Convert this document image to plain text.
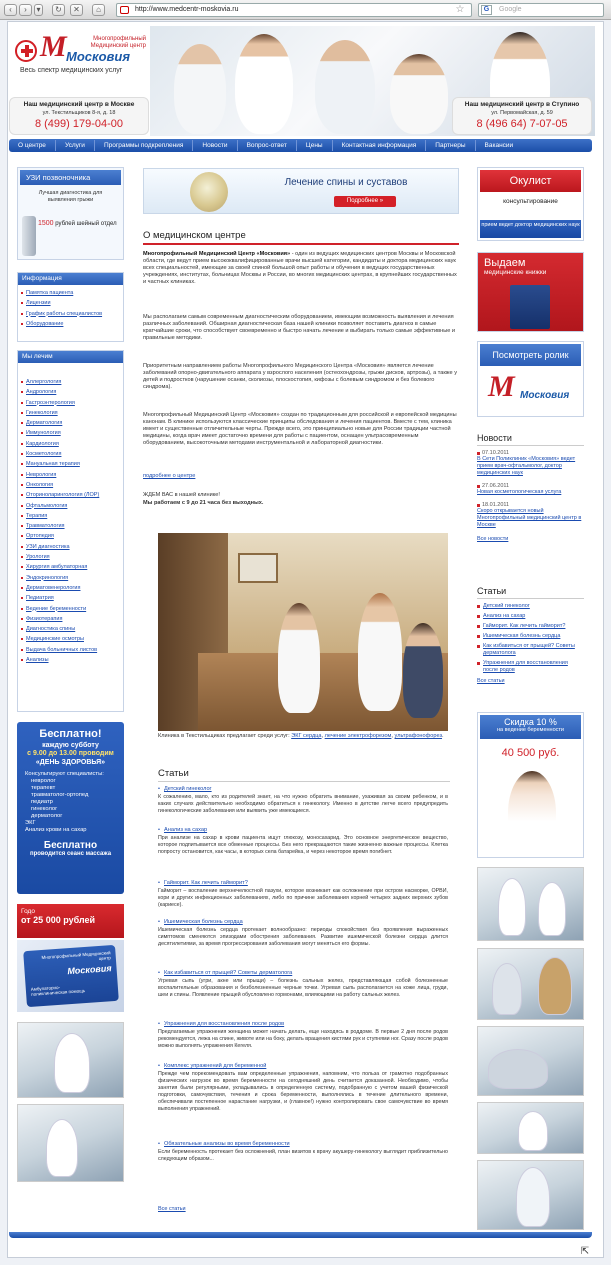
‹	›	▾	↻	✕	⌂	http://www.medcentr-moskovia.ru	☆	Google
G
M	Многопрофильный Медицинский центр
Московия
Весь спектр медицинских услуг
Наш медицинский центр в Москве
ул. Текстильщиков 8-я, д. 18
8 (499) 179-04-00
Наш медицинский центр в Ступино
ул. Первомайская, д. 59
8 (496 64) 7-07-05
О центре	Услуги	Программы подкрепления	Новости	Вопрос-ответ	Цены	Контактная информация	Партнеры	Вакансии
УЗИ позвоночника
Лучшая диагностика для выявления грыжи
1500 рублей шейный отдел
Информация
Памятка пациента
Лицензии
График работы специалистов
Оборудование
Мы лечим
Аллергология
Андрология
Гастроэнтерология
Гинекология
Дерматология
Иммунология
Кардиология
Косметология
Мануальная терапия
Неврология
Онкология
Оториноларингология (ЛОР)
Офтальмология
Терапия
Травматология
Ортопедия
УЗИ диагностика
Урология
Хирургия амбулаторная
Эндокринология
Дерматовенерология
Педиатрия
Ведение беременности
Физиотерапия
Диагностика спины
Медицинские осмотры
Выдача больничных листов
Анализы
Бесплатно!
каждую субботу
с 9.00 до 13.00 проводим
«ДЕНЬ ЗДОРОВЬЯ»
Консультируют специалисты:
невролог
терапевт
травматолог-ортопед
педиатр
гинеколог
дерматолог
ЭКГ
Анализ крови на сахар
Бесплатно
проводится сеанс массажа
Годо
от 25 000 рублей
Многопрофильный Медицинский центр
Московия
Амбулаторно-поликлиническая помощь
Лечение спины и суставов
Подробнее »
О медицинском центре
Многопрофильный Медицинский Центр «Московия» - один из ведущих медицинских центров Москвы и Московской области, где ведут прием высококвалифицированные врачи высшей категории, кандидаты и доктора медицинских наук всех специальностей, имеющие за своей спиной большой опыт работы и обучения в ведущих государственных учреждениях, институтах, больницах Москвы и России, во многих медицинских центрах, в крупнейших государственных и частных клиниках.
Мы располагаем самым современным диагностическим оборудованием, имеющим возможность выявления и лечения различных заболеваний. Обширная диагностическая база нашей клиники позволяет поставить диагноз в самые кратчайшие сроки, что способствует своевременно и быстро начать лечение и выбирать только самые эффективные и правильные методики.
Приоритетным направлением работы Многопрофильного Медицинского Центра «Московия» является лечение заболеваний опорно-двигательного аппарата у взрослого населения (остеохондрозы, грыжи дисков, артрозы), а также у детей и подростков (нарушение осанки, сколиозы, плоскостопия, кифозы с болевым синдромом и без болевого синдрома).
Многопрофильный Медицинский Центр «Московия» создан по традиционным для российской и европейской медицины канонам. В клинике используются классические принципы обследования и лечения пациентов. Вместе с тем, клиника имеет и существенные отличительные черты. Прежде всего, это принципиально новые для России традиции частной медицины, когда врач имеет достаточно времени для работы с пациентом, оснащен ультрасовременным оборудованием, высокоточными методами инструментальной и лабораторной диагностики.
подробнее о центре
ЖДЕМ ВАС в нашей клинике!
Мы работаем с 9 до 21 часа без выходных.
Клиника в Текстильщиках предлагает среди услуг: ЭКГ сердца, лечение электрофорезом, ультрафонофорез.
Статьи
• Детский гинеколог
К сожалению, мало, кто из родителей знает, на что нужно обратить внимание, ухаживая за своим ребенком, и в каких случаях действительно необходимо обратиться к гинекологу. Именно в детстве легче всего предупредить гинекологические заболевания или выявить уже имеющиеся.
• Анализ на сахар
При анализе на сахар в крови пациента ищут глюкозу, моносахарид. Это основное энергетическое вещество, которое подпитывается все обменные процессы. Без него прекращаются такие жизненно важные процессы. Клетка попросту остановится, как часы, в которых села батарейка, и через некоторое время погибнет.
• Гайморит. Как лечить гайморит?
Гайморит – воспаление верхнечелюстной пазухи, которое возникает как осложнение при остром насморке, ОРВИ, кори и других инфекционных заболеваниях, либо по причине заболевания корней четырех задних верхних зубов (кариесе).
• Ишемическая болезнь сердца
Ишемическая болезнь сердца протекает волнообразно: периоды спокойствия без проявления выраженных симптомов сменяются эпизодами обострения заболевания. Развитие ишемической болезни сердца длится десятилетиями, за время прогрессирования заболевания могут меняться его формы.
• Как избавиться от прыщей? Советы дерматолога
Угревая сыпь (угри, акне или прыщи) – болезнь сальных желез, представляющая собой болезненные воспалительные образования и безболезненные черные точки. Угревая сыпь располагается на коже лица, груди, шеи и спины. Появление прыщей обусловлено гормонами, влияющими на работу сальных желез.
• Упражнения для восстановления после родов
Предлагаемые упражнения женщина может начать делать, еще находясь в роддоме. В первые 2 дня после родов рекомендуется, лежа на спине, животе или на боку, делать вращения кистями рук и ступнями ног. Сразу после родов можно выполнять упражнения Кегеля.
• Комплекс упражнений для беременной
Прежде чем порекомендовать вам определенные упражнения, напомним, что польза от грамотно подобранных физических нагрузок во время беременности на сегодняшний день считается доказанной. Необходимо, чтобы занятия были регулярными, укладывались в определенную систему, подобранную с учетом вашей физической подготовки, самочувствия, течения и срока беременности, выполнялись в течение длительного времени, обеспечивали постепенное нарастание нагрузки, и (главное!) нужно контролировать свое самочувствие во время выполнения упражнений.
• Обязательные анализы во время беременности
Если беременность протекает без осложнений, план визитов к врачу акушеру-гинекологу выглядит приблизительно следующим образом...
Все статьи
Окулист
консультирование
прием ведет доктор медицинских наук
Выдаем
медицинские книжки
Посмотреть ролик
M Московия
Новости
07.10.2011
В Сети Поликлиник «Московия» ведет прием врач-офтальмолог, доктор медицинских наук
27.06.2011
Новая косметологическая услуга
18.01.2011
Скоро открывается новый Многопрофильный медицинский центр в Москве
Все новости
Статьи
Детский гинеколог
Анализ на сахар
Гайморит. Как лечить гайморит?
Ишемическая болезнь сердца
Как избавиться от прыщей? Советы дерматолога
Упражнения для восстановления после родов
Все статьи
Скидка 10 %
на ведение беременности
40 500 руб.
⇱
